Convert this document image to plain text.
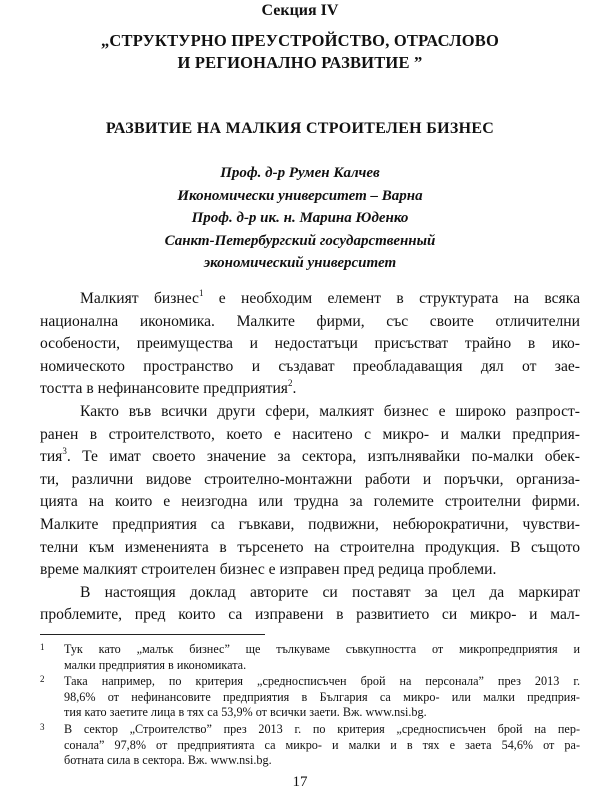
Секция IV
„СТРУКТУРНО ПРЕУСТРОЙСТВО, ОТРАСЛОВО
И РЕГИОНАЛНО РАЗВИТИЕ ”
РАЗВИТИЕ НА МАЛКИЯ СТРОИТЕЛЕН БИЗНЕС
Проф. д-р Румен Калчев
Икономически университет – Варна
Проф. д-р ик. н. Марина Юденко
Санкт-Петербургский государственный
экономический университет
Малкият бизнес$^1$ е необходим елемент в структурата на всяка
национална икономика. Малките фирми, със своите отличителни
особености, преимущества и недостатъци присъстват трайно в ико-
номическото пространство и създават преобладаващия дял от зае-
тостта в нефинансовите предприятия$^2$.
Както във всички други сфери, малкият бизнес е широко разпрост-
ранен в строителството, което е наситено с микро- и малки предприя-
тия$^3$. Те имат своето значение за сектора, изпълнявайки по-малки обек-
ти, различни видове строително-монтажни работи и поръчки, организа-
цията на които е неизгодна или трудна за големите строителни фирми.
Малките предприятия са гъвкави, подвижни, небюрократични, чувстви-
телни към измененията в търсенето на строителна продукция. В същото
време малкият строителен бизнес е изправен пред редица проблеми.
В настоящия доклад авторите си поставят за цел да маркират
проблемите, пред които са изправени в развитието си микро- и мал-
1 Тук като „малък бизнес” ще тълкуваме съвкупността от микропредприятия и
малки предприятия в икономиката.
2 Така например, по критерия „средносписъчен брой на персонала” през 2013 г.
98,6% от нефинансовите предприятия в България са микро- или малки предприя-
тия като заетите лица в тях са 53,9% от всички заети. Вж. www.nsi.bg.
3 В сектор „Строителство” през 2013 г. по критерия „средносписъчен брой на пер-
сонала” 97,8% от предприятията са микро- и малки и в тях е заета 54,6% от ра-
ботната сила в сектора. Вж. www.nsi.bg.
17
